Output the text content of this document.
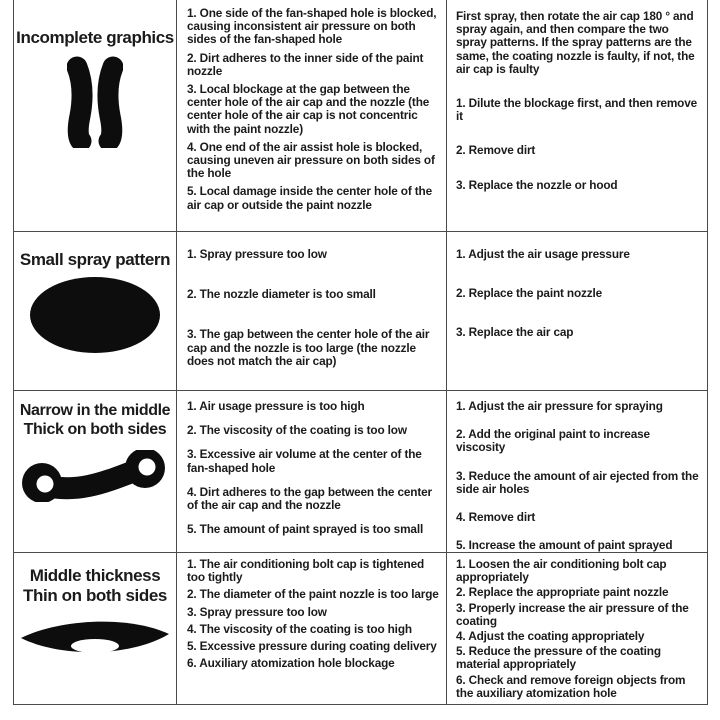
Incomplete graphics
1. One side of the fan-shaped hole is blocked, causing inconsistent air pressure on both sides of the fan-shaped hole
2. Dirt adheres to the inner side of the paint nozzle
3. Local blockage at the gap between the center hole of the air cap and the nozzle (the center hole of the air cap is not concentric with the paint nozzle)
4. One end of the air assist hole is blocked, causing uneven air pressure on both sides of the hole
5. Local damage inside the center hole of the air cap or outside the paint nozzle
First spray, then rotate the air cap 180 ° and spray again, and then compare the two spray patterns. If the spray patterns are the same, the coating nozzle is faulty, if not, the air cap is faulty
1. Dilute the blockage first, and then remove it
2. Remove dirt
3. Replace the nozzle or hood
Small spray pattern 1. Spray pressure too low
2. The nozzle diameter is too small
3. The gap between the center hole of the air cap and the nozzle is too large (the nozzle does not match the air cap)
1. Adjust the air usage pressure
2. Replace the paint nozzle
3. Replace the air cap
Narrow in the middle
Thick on both sides
1. Air usage pressure is too high
2. The viscosity of the coating is too low
3. Excessive air volume at the center of the fan-shaped hole
4. Dirt adheres to the gap between the center of the air cap and the nozzle
5. The amount of paint sprayed is too small
1. Adjust the air pressure for spraying
2. Add the original paint to increase viscosity
3. Reduce the amount of air ejected from the side air holes
4. Remove dirt
5. Increase the amount of paint sprayed
Middle thickness
Thin on both sides
1. The air conditioning bolt cap is tightened too tightly
2. The diameter of the paint nozzle is too large
3. Spray pressure too low
4. The viscosity of the coating is too high
5. Excessive pressure during coating delivery
6. Auxiliary atomization hole blockage
1. Loosen the air conditioning bolt cap appropriately
2. Replace the appropriate paint nozzle
3. Properly increase the air pressure of the coating
4. Adjust the coating appropriately
5. Reduce the pressure of the coating material appropriately
6. Check and remove foreign objects from the auxiliary atomization hole
